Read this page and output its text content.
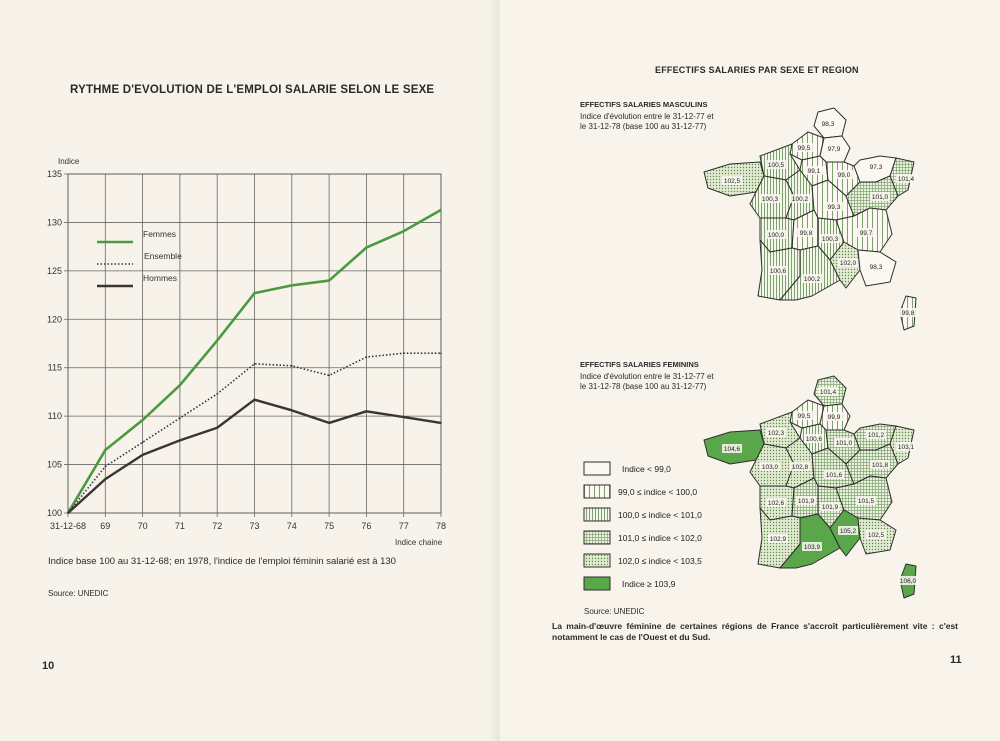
RYTHME D'EVOLUTION DE L'EMPLOI SALARIE SELON LE SEXE
Femmes
Ensemble
Hommes
100
105
110
115
120
125
130
135
31-12-68 69	70	71	72	73	74	75	76	77	78
Indice
Indice chaine
Indice base 100 au 31-12-68; en 1978, l'indice de l'emploi féminin salarié est à 130
Source: UNEDIC
10
EFFECTIFS SALARIES PAR SEXE ET REGION
EFFECTIFS SALARIES MASCULINS
Indice d'évolution entre le 31-12-77 et le 31-12-78 (base 100 au 31-12-77)	98,3
99,5	97,9
100,5
99,1
99,0
97,3
101,4
102,5
100,3 100,2
99,3
101,0
100,0 99,8
100,3
99,7
100,6
100,2
102,0
98,3
99,8
EFFECTIFS SALARIES FEMININS
Indice d'évolution entre le 31-12-77 et le 31-12-78 (base 100 au 31-12-77)
101,4
99,5	99,9
102,3
100,6
101,0
101,2
103,1
104,6
103,0 102,8
101,6
101,8
102,6 101,9
101,9
101,5
102,9
103,9
105,2
102,5
106,0
Indice < 99,0
99,0 ≤ indice < 100,0
100,0 ≤ indice < 101,0
101,0 ≤ indice < 102,0
102,0 ≤ indice < 103,5
Indice ≥ 103,9
Source: UNEDIC
La main-d'œuvre féminine de certaines régions de France s'accroît particulièrement vite : c'est notamment le cas de l'Ouest et du Sud.
11
